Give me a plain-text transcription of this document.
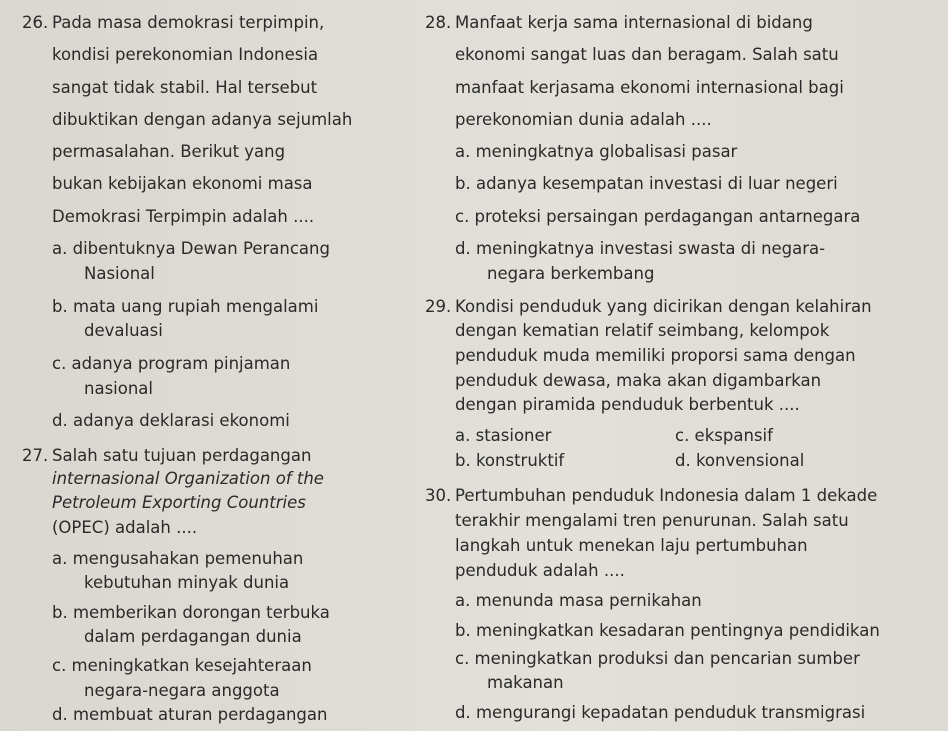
26. Pada masa demokrasi terpimpin,
kondisi perekonomian Indonesia
sangat tidak stabil. Hal tersebut
dibuktikan dengan adanya sejumlah
permasalahan. Berikut yang
bukan kebijakan ekonomi masa
Demokrasi Terpimpin adalah ....
a. dibentuknya Dewan Perancang
Nasional
b. mata uang rupiah mengalami
devaluasi
c. adanya program pinjaman
nasional
d. adanya deklarasi ekonomi
27. Salah satu tujuan perdagangan
internasional Organization of the
Petroleum Exporting Countries
(OPEC) adalah ....
a. mengusahakan pemenuhan
kebutuhan minyak dunia
b. memberikan dorongan terbuka
dalam perdagangan dunia
c. meningkatkan kesejahteraan
negara-negara anggota
d. membuat aturan perdagangan
28. Manfaat kerja sama internasional di bidang
ekonomi sangat luas dan beragam. Salah satu
manfaat kerjasama ekonomi internasional bagi
perekonomian dunia adalah ....
a. meningkatnya globalisasi pasar
b. adanya kesempatan investasi di luar negeri
c. proteksi persaingan perdagangan antarnegara
d. meningkatnya investasi swasta di negara-
negara berkembang
29. Kondisi penduduk yang dicirikan dengan kelahiran
dengan kematian relatif seimbang, kelompok
penduduk muda memiliki proporsi sama dengan
penduduk dewasa, maka akan digambarkan
dengan piramida penduduk berbentuk ....
a. stasioner	c. ekspansif
b. konstruktif	d. konvensional
30. Pertumbuhan penduduk Indonesia dalam 1 dekade
terakhir mengalami tren penurunan. Salah satu
langkah untuk menekan laju pertumbuhan
penduduk adalah ....
a. menunda masa pernikahan
b. meningkatkan kesadaran pentingnya pendidikan
c. meningkatkan produksi dan pencarian sumber
makanan
d. mengurangi kepadatan penduduk transmigrasi
